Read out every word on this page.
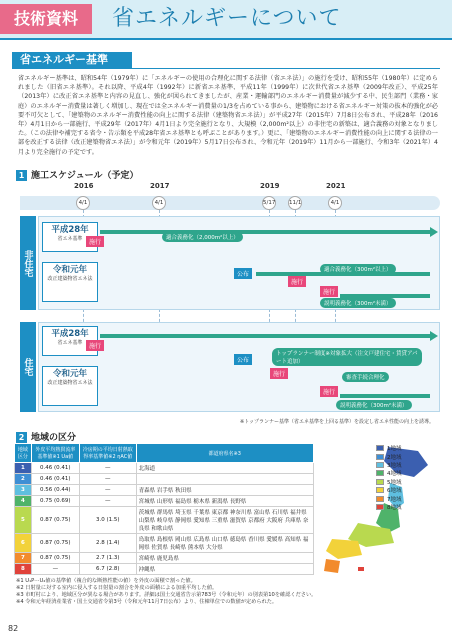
技術資料	省エネルギーについて
省エネルギー基準
省エネルギー基準は、昭和54年（1979年）に「エネルギーの使用の合理化に関する法律（省エネ法）」の施行を受け、昭和55年（1980年）に定められました（旧省エネ基準）。それ以降、平成4年（1992年）に新省エネ基準、平成11年（1999年）に次世代省エネ基準（2009年改正）、平成25年（2013年）に改正省エネ基準と内容の見直し、強化が図られてきましたが、産業・運輸部門のエネルギー消費量が減少する中、民生部門（業務・家庭）のエネルギー消費量は著しく増加し、現在では全エネルギー消費量の1/3を占めている事から、建築物における省エネルギー対策の抜本的強化が必要不可欠として、「建築物のエネルギー消費性能の向上に関する法律（建築物省エネ法）」が平成27年（2015年）7月8日公布され、平成28年（2016年）4月1日から一部施行、平成29年（2017年）4月1日より完全施行となり、大規模（2,000m²以上）の非住宅の新築は、適合義務の対象となりました。（この法律や補完する省令・告示類を平成28年省エネ基準とも呼ぶことがあります。）更に、「建築物のエネルギー消費性能の向上に関する法律の一部を改正する法律（改正建築物省エネ法）」が令和元年（2019年）5月17日公布され、令和元年（2019年）11月から一部施行、令和3年（2021年）4月より完全施行の予定です。
1 施工スケジュール（予定）
2016	2017	2019	2021
4/1	4/1	5/17 11/1	4/1
非住宅
平成28年
省エネ基準
令和元年
改正建築物省エネ法
施行
適合義務化（2,000m²以上）
公布
施行
適合義務化（300m²以上）
施行
説明義務化（300m²未満）
住宅
平成28年
省エネ基準
令和元年
改正建築物省エネ法
施行
公布
トップランナー制度※対象拡大（注文戸建住宅・賃貸アパート追加）
施行	審査手続合理化
施行
説明義務化（300m²未満）
※トップランナー基準（省エネ基準を上回る基準）を設定し省エネ性能の向上を誘導。
2 地域の区分
地域区分	外皮平均熱貫流率基準値※1 Ua値	冷房期の平均日射熱取得率基準値※2 ηAC値	都道府県名※3
1	0.46 (0.41)	—	北海道
2	0.46 (0.41)	—	
3	0.56 (0.44)	—	青森県 岩手県 秋田県
4	0.75 (0.69)	—	宮城県 山形県 福島県 栃木県 新潟県 長野県
5	0.87 (0.75)	3.0 (1.5)	茨城県 群馬県 埼玉県 千葉県 東京都 神奈川県 富山県 石川県 福井県 山梨県 岐阜県 静岡県 愛知県 三重県 滋賀県 京都府 大阪府 兵庫県 奈良県 和歌山県
6	0.87 (0.75)	2.8 (1.4)	鳥取県 島根県 岡山県 広島県 山口県 徳島県 香川県 愛媛県 高知県 福岡県 佐賀県 長崎県 熊本県 大分県
7	0.87 (0.75)	2.7 (1.3)	宮崎県 鹿児島県
8	—	6.7 (2.8)	沖縄県
1地域
2地域
3地域
4地域
5地域
6地域
7地域
8地域
※1 U₁P⋯U₄値の基準値（複合的な断熱性能の値）を外皮の面積で割った値。
※2 日射量に対する室内に侵入する日射量の割合を外皮の面積による加重平均した値。
※3 市町村により、地域区分が異なる場合があります。詳細は国土交通省告示第783号（令和元年）の別表第10を確認ください。
※4 令和元年経済産業省・国土交通省令第3号（令和元年11月7日公布）より、住棟単位での数値が定められた。
82
